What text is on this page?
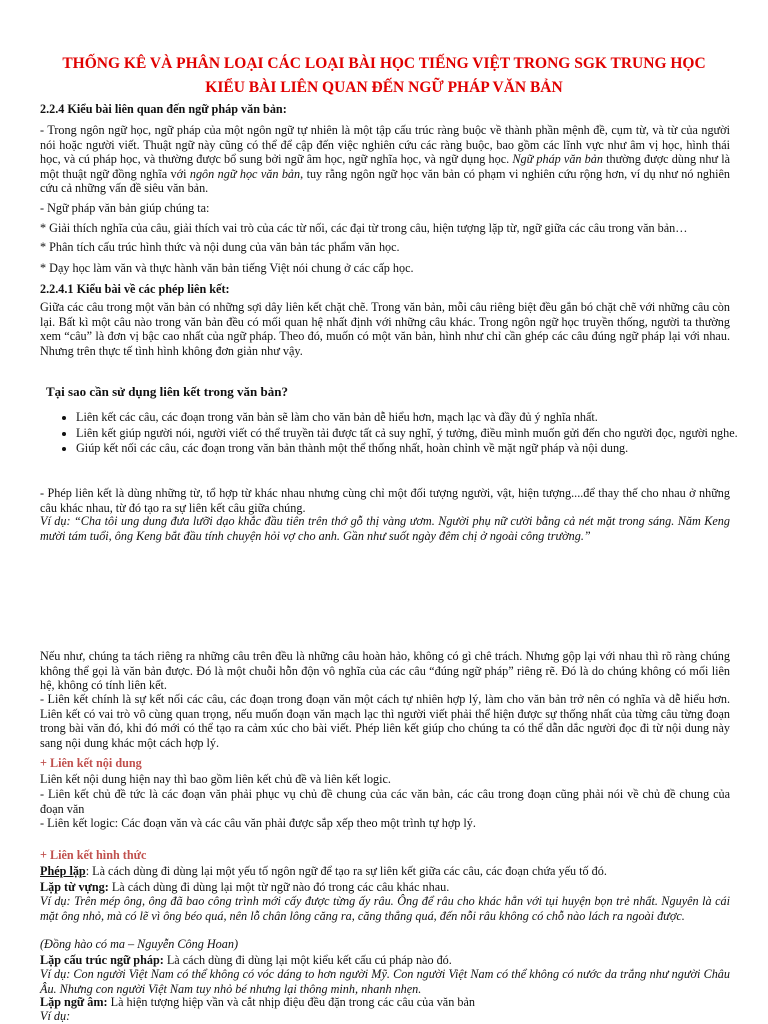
THỐNG KÊ VÀ PHÂN LOẠI CÁC LOẠI BÀI HỌC TIẾNG VIỆT TRONG SGK TRUNG HỌC
KIỂU BÀI LIÊN QUAN ĐẾN NGỮ PHÁP VĂN BẢN
2.2.4 Kiểu bài liên quan đến ngữ pháp văn bản:
- Trong ngôn ngữ học, ngữ pháp của một ngôn ngữ tự nhiên là một tập cấu trúc ràng buộc về thành phần mệnh đề, cụm từ, và từ của người nói hoặc người viết. Thuật ngữ này cũng có thể để cập đến việc nghiên cứu các ràng buộc, bao gồm các lĩnh vực như âm vị học, hình thái học, và cú pháp học, và thường được bổ sung bởi ngữ âm học, ngữ nghĩa học, và ngữ dụng học. Ngữ pháp văn bản thường được dùng như là một thuật ngữ đồng nghĩa với ngôn ngữ học văn bản, tuy rằng ngôn ngữ học văn bản có phạm vi nghiên cứu rộng hơn, ví dụ như nó nghiên cứu cả những vấn đề siêu văn bản.
- Ngữ pháp văn bản giúp chúng ta:
* Giải thích nghĩa của câu, giải thích vai trò của các từ nối, các đại từ trong câu, hiện tượng lặp từ, ngữ giữa các câu trong văn bản…
* Phân tích cấu trúc hình thức và nội dung của văn bản tác phẩm văn học.
* Dạy học làm văn và thực hành văn bản tiếng Việt nói chung ở các cấp học.
2.2.4.1 Kiểu bài về các phép liên kết:
Giữa các câu trong một văn bản có những sợi dây liên kết chặt chẽ. Trong văn bản, mỗi câu riêng biệt đều gắn bó chặt chẽ với những câu còn lại. Bất kì một câu nào trong văn bản đều có mối quan hệ nhất định với những câu khác. Trong ngôn ngữ học truyền thống, người ta thường xem “câu” là đơn vị bậc cao nhất của ngữ pháp. Theo đó, muốn có một văn bản, hình như chỉ cần ghép các câu đúng ngữ pháp lại với nhau. Nhưng trên thực tế tình hình không đơn giản như vậy.
Tại sao cần sử dụng liên kết trong văn bản?
• Liên kết các câu, các đoạn trong văn bản sẽ làm cho văn bản dễ hiểu hơn, mạch lạc và đầy đủ ý nghĩa nhất.
• Liên kết giúp người nói, người viết có thể truyền tải được tất cả suy nghĩ, ý tưởng, điều mình muốn gửi đến cho người đọc, người nghe.
• Giúp kết nối các câu, các đoạn trong văn bản thành một thể thống nhất, hoàn chỉnh về mặt ngữ pháp và nội dung.
- Phép liên kết là dùng những từ, tổ hợp từ khác nhau nhưng cùng chỉ một đối tượng người, vật, hiện tượng....để thay thế cho nhau ở những câu khác nhau, từ đó tạo ra sự liên kết câu giữa chúng.
Ví dụ: “Cha tôi ung dung đưa lưỡi dạo khắc đầu tiên trên thớ gỗ thị vàng ươm. Người phụ nữ cười bằng cả nét mặt trong sáng. Năm Keng mười tám tuổi, ông Keng bắt đầu tính chuyện hỏi vợ cho anh. Gần như suốt ngày đêm chị ở ngoài công trường.”
Nếu như, chúng ta tách riêng ra những câu trên đều là những câu hoàn hảo, không có gì chê trách. Nhưng gộp lại với nhau thì rõ ràng chúng không thể gọi là văn bản được. Đó là một chuỗi hỗn độn vô nghĩa của các câu “đúng ngữ pháp” riêng rẽ. Đó là do chúng không có mối liên hệ, không có tính liên kết.
- Liên kết chính là sự kết nối các câu, các đoạn trong đoạn văn một cách tự nhiên hợp lý, làm cho văn bản trở nên có nghĩa và dễ hiểu hơn. Liên kết có vai trò vô cùng quan trọng, nếu muốn đoạn văn mạch lạc thì người viết phải thể hiện được sự thống nhất của từng câu từng đoạn trong bài văn đó, khi đó mới có thể tạo ra cảm xúc cho bài viết. Phép liên kết giúp cho chúng ta có thể dẫn dắc người đọc đi từ nội dung này sang nội dung khác một cách hợp lý.
+ Liên kết nội dung
Liên kết nội dung hiện nay thì bao gồm liên kết chủ đề và liên kết logic.
- Liên kết chủ đề tức là các đoạn văn phải phục vụ chủ đề chung của các văn bản, các câu trong đoạn cũng phải nói về chủ đề chung của đoạn văn
- Liên kết logic: Các đoạn văn và các câu văn phải được sắp xếp theo một trình tự hợp lý.
+ Liên kết hình thức
Phép lặp: Là cách dùng đi dùng lại một yếu tố ngôn ngữ để tạo ra sự liên kết giữa các câu, các đoạn chứa yếu tố đó.
Lặp từ vựng: Là cách dùng đi dùng lại một từ ngữ nào đó trong các câu khác nhau.
Ví dụ: Trên mép ông, ông đã bao công trình mới cấy được từng ấy râu. Ông để râu cho khác hẳn với tụi huyện bọn trẻ nhất. Nguyên là cái mặt ông nhỏ, mà có lẽ vì ông béo quá, nên lỗ chân lông căng ra, căng thẳng quá, đến nỗi râu không có chỗ nào lách ra ngoài được.
(Đồng hào có ma – Nguyễn Công Hoan)
Lặp cấu trúc ngữ pháp: Là cách dùng đi dùng lại một kiểu kết cấu cú pháp nào đó.
Ví dụ: Con người Việt Nam có thể không có vóc dáng to hơn người Mỹ. Con người Việt Nam có thể không có nước da trắng như người Châu Âu. Nhưng con người Việt Nam tuy nhỏ bé nhưng lại thông minh, nhanh nhẹn.
Lặp ngữ âm: Là hiện tượng hiệp vần và cắt nhịp điệu đều đặn trong các câu của văn bản
Ví dụ:
